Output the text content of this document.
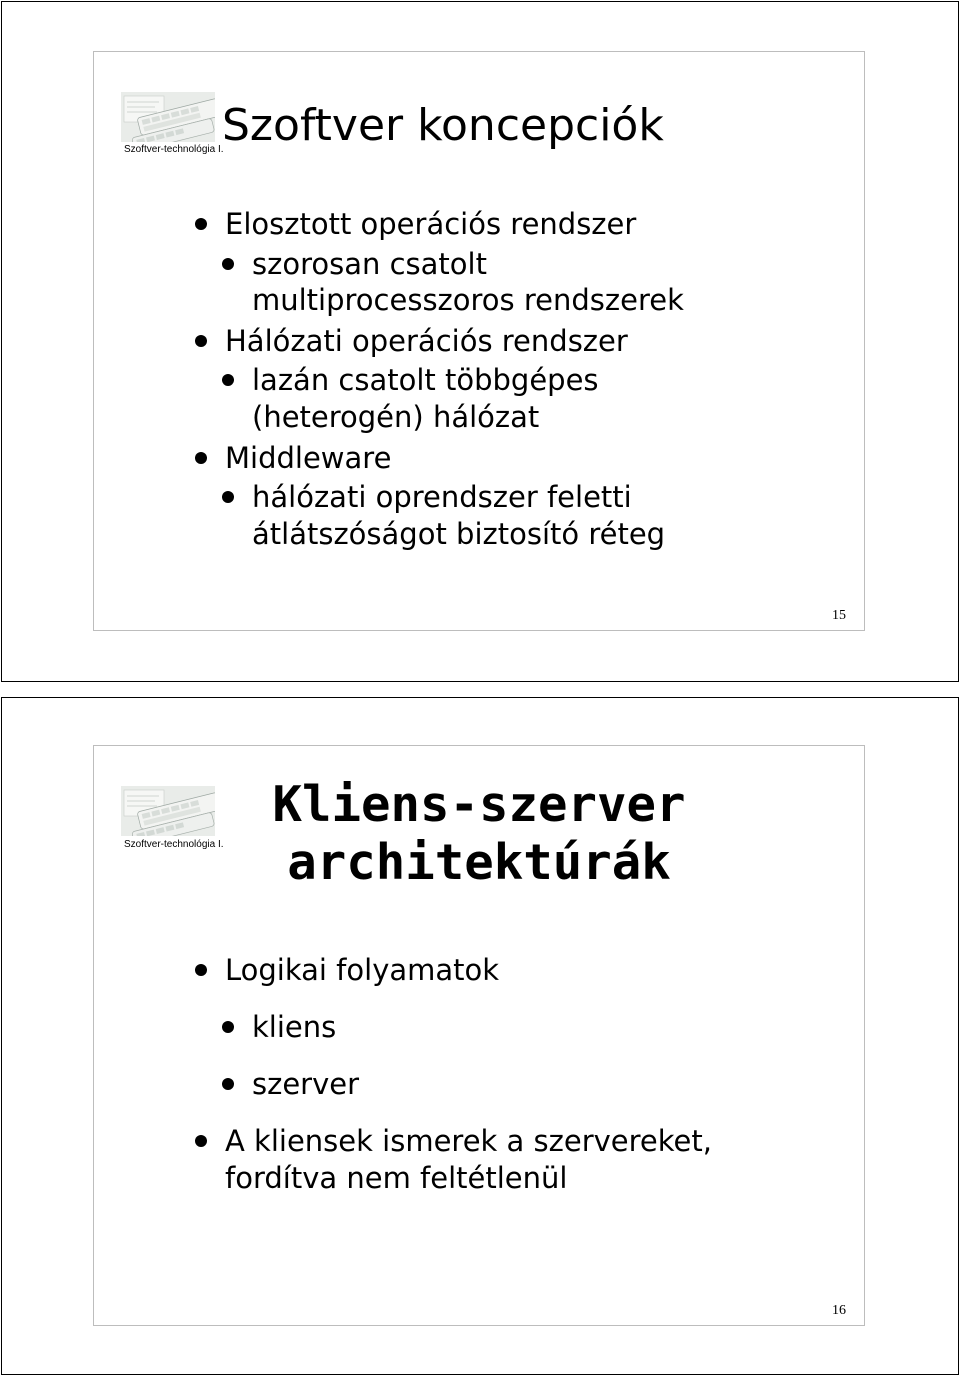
Szoftver-technológia I.
Szoftver koncepciók
Elosztott operációs rendszer
szorosan csatolt
multiprocesszoros rendszerek
Hálózati operációs rendszer
lazán csatolt többgépes
(heterogén) hálózat
Middleware
hálózati oprendszer feletti
átlátszóságot biztosító réteg
15
Szoftver-technológia I.
Kliens-szerver
architektúrák
Logikai folyamatok
kliens
szerver
A kliensek ismerek a szervereket,
fordítva nem feltétlenül
16
